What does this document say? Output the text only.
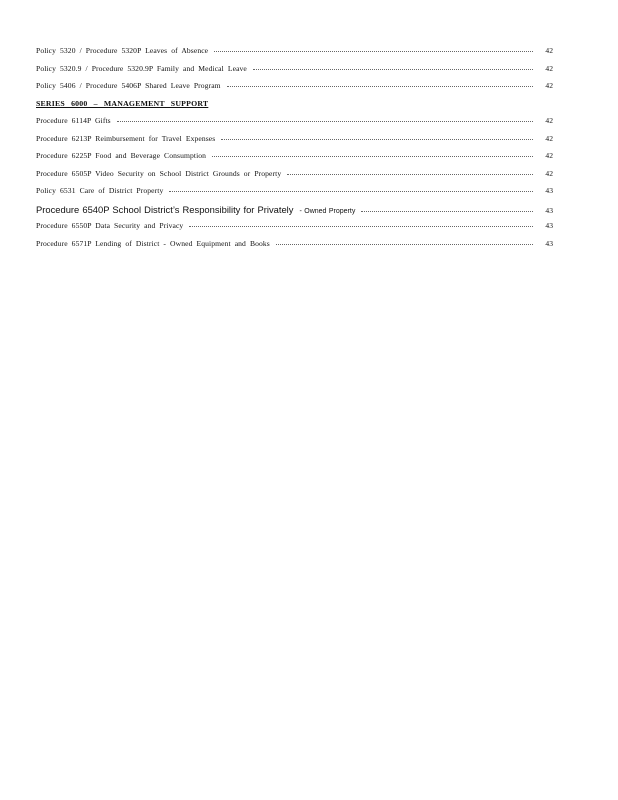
Policy 5320 / Procedure 5320P Leaves of Absence	42
Policy 5320.9 / Procedure 5320.9P Family and Medical Leave	42
Policy 5406 / Procedure 5406P Shared Leave Program	42
SERIES 6000 – MANAGEMENT SUPPORT
Procedure 6114P Gifts	42
Procedure 6213P Reimbursement for Travel Expenses	42
Procedure 6225P Food and Beverage Consumption	42
Procedure 6505P Video Security on School District Grounds or Property	42
Policy 6531 Care of District Property	43
Procedure 6540P School District’s Responsibility for Privately - Owned Property	43
Procedure 6550P Data Security and Privacy	43
Procedure 6571P Lending of District - Owned Equipment and Books	43
